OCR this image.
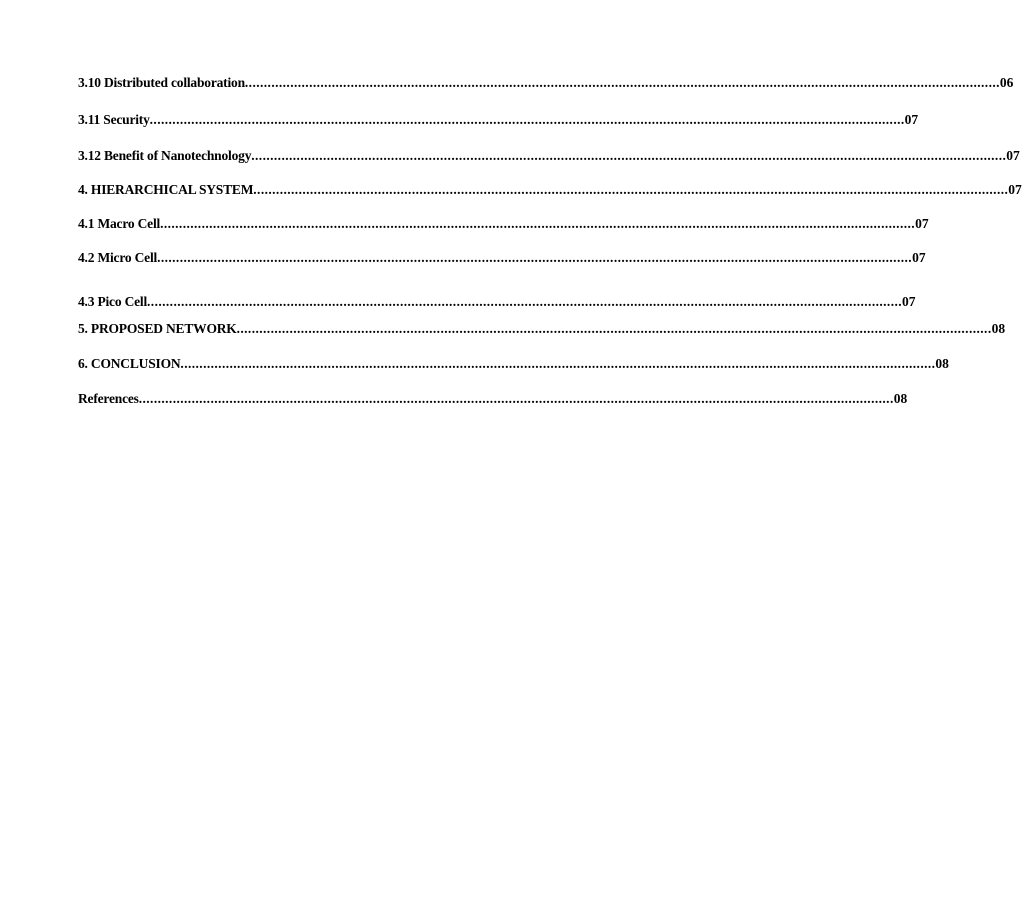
3.10 Distributed collaboration ........................................................................................................................................................................................................ 06
3.11 Security ........................................................................................................................................................................................................ 07
3.12 Benefit of Nanotechnology ........................................................................................................................................................................................................ 07
4. HIERARCHICAL SYSTEM ........................................................................................................................................................................................................ 07
4.1 Macro Cell ........................................................................................................................................................................................................ 07
4.2 Micro Cell ........................................................................................................................................................................................................ 07
4.3 Pico Cell ........................................................................................................................................................................................................ 07
5. PROPOSED NETWORK ........................................................................................................................................................................................................ 08
6. CONCLUSION ........................................................................................................................................................................................................ 08
References ........................................................................................................................................................................................................ 08
